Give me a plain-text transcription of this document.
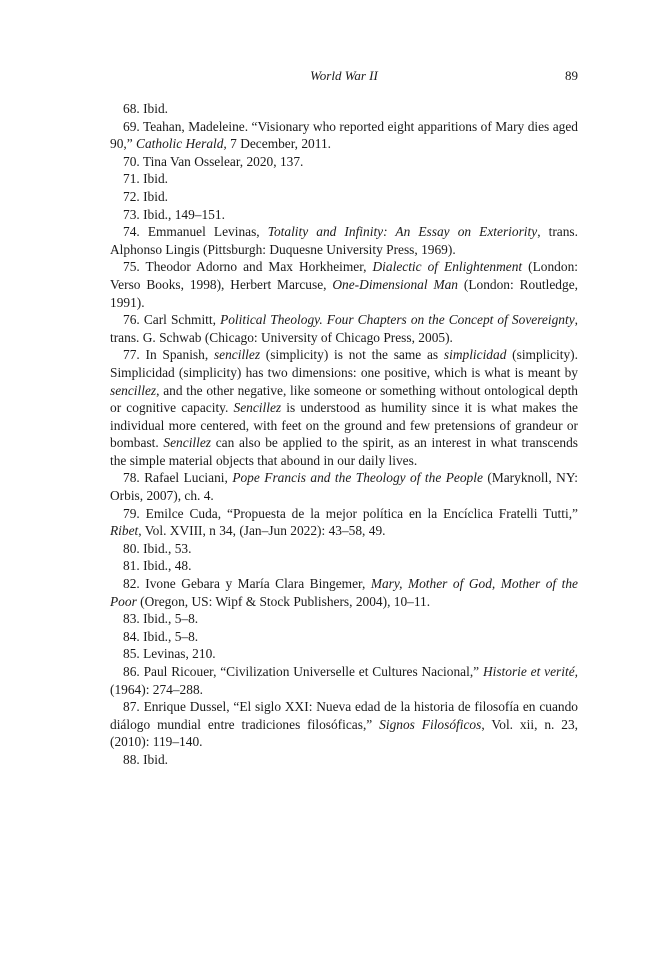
World War II	89

68. Ibid.

69. Teahan, Madeleine. “Visionary who reported eight apparitions of Mary dies aged 90,” Catholic Herald, 7 December, 2011.

70. Tina Van Osselear, 2020, 137.

71. Ibid.

72. Ibid.

73. Ibid., 149–151.

74. Emmanuel Levinas, Totality and Infinity: An Essay on Exteriority, trans. Alphonso Lingis (Pittsburgh: Duquesne University Press, 1969).

75. Theodor Adorno and Max Horkheimer, Dialectic of Enlightenment (London: Verso Books, 1998), Herbert Marcuse, One-Dimensional Man (London: Routledge, 1991).

76. Carl Schmitt, Political Theology. Four Chapters on the Concept of Sovereignty, trans. G. Schwab (Chicago: University of Chicago Press, 2005).

77. In Spanish, sencillez (simplicity) is not the same as simplicidad (simplicity). Simplicidad (simplicity) has two dimensions: one positive, which is what is meant by sencillez, and the other negative, like someone or something without ontological depth or cognitive capacity. Sencillez is understood as humility since it is what makes the individual more centered, with feet on the ground and few pretensions of grandeur or bombast. Sencillez can also be applied to the spirit, as an interest in what transcends the simple material objects that abound in our daily lives.

78. Rafael Luciani, Pope Francis and the Theology of the People (Maryknoll, NY: Orbis, 2007), ch. 4.

79. Emilce Cuda, “Propuesta de la mejor política en la Encíclica Fratelli Tutti,” Ribet, Vol. XVIII, n 34, (Jan–Jun 2022): 43–58, 49.

80. Ibid., 53.

81. Ibid., 48.

82. Ivone Gebara y María Clara Bingemer, Mary, Mother of God, Mother of the Poor (Oregon, US: Wipf & Stock Publishers, 2004), 10–11.

83. Ibid., 5–8.

84. Ibid., 5–8.

85. Levinas, 210.

86. Paul Ricouer, “Civilization Universelle et Cultures Nacional,” Historie et verité, (1964): 274–288.

87. Enrique Dussel, “El siglo XXI: Nueva edad de la historia de filosofía en cuando diálogo mundial entre tradiciones filosóficas,” Signos Filosóficos, Vol. xii, n. 23, (2010): 119–140.

88. Ibid.
